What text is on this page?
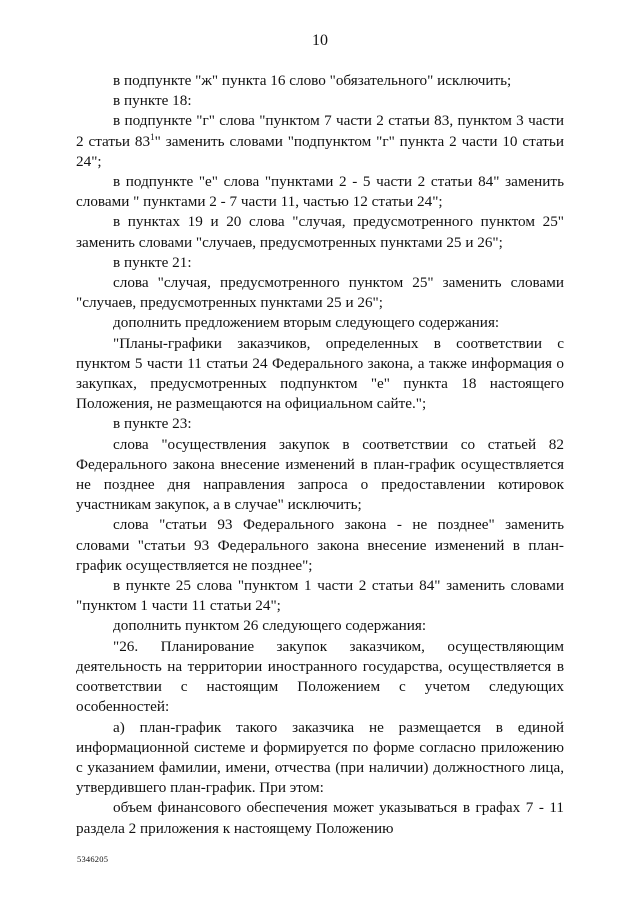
10

в подпункте "ж" пункта 16 слово "обязательного" исключить;

в пункте 18:

в подпункте "г" слова "пунктом 7 части 2 статьи 83, пунктом 3 части 2 статьи $83^1$" заменить словами "подпунктом "г" пункта 2 части 10 статьи 24";

в подпункте "е" слова "пунктами 2 - 5 части 2 статьи 84" заменить словами " пунктами 2 - 7 части 11, частью 12 статьи 24";

в пунктах 19 и 20 слова "случая, предусмотренного пунктом 25" заменить словами "случаев, предусмотренных пунктами 25 и 26";

в пункте 21:

слова "случая, предусмотренного пунктом 25" заменить словами "случаев, предусмотренных пунктами 25 и 26";

дополнить предложением вторым следующего содержания:

"Планы-графики заказчиков, определенных в соответствии с пунктом 5 части 11 статьи 24 Федерального закона, а также информация о закупках, предусмотренных подпунктом "е" пункта 18 настоящего Положения, не размещаются на официальном сайте.";

в пункте 23:

слова "осуществления закупок в соответствии со статьей 82 Федерального закона внесение изменений в план-график осуществляется не позднее дня направления запроса о предоставлении котировок участникам закупок, а в случае" исключить;

слова "статьи 93 Федерального закона - не позднее" заменить словами "статьи 93 Федерального закона внесение изменений в план-график осуществляется не позднее";

в пункте 25 слова "пунктом 1 части 2 статьи 84" заменить словами "пунктом 1 части 11 статьи 24";

дополнить пунктом 26 следующего содержания:

"26. Планирование закупок заказчиком, осуществляющим деятельность на территории иностранного государства, осуществляется в соответствии с настоящим Положением с учетом следующих особенностей:

а) план-график такого заказчика не размещается в единой информационной системе и формируется по форме согласно приложению с указанием фамилии, имени, отчества (при наличии) должностного лица, утвердившего план-график. При этом:

объем финансового обеспечения может указываться в графах 7 - 11 раздела 2 приложения к настоящему Положению

5346205
